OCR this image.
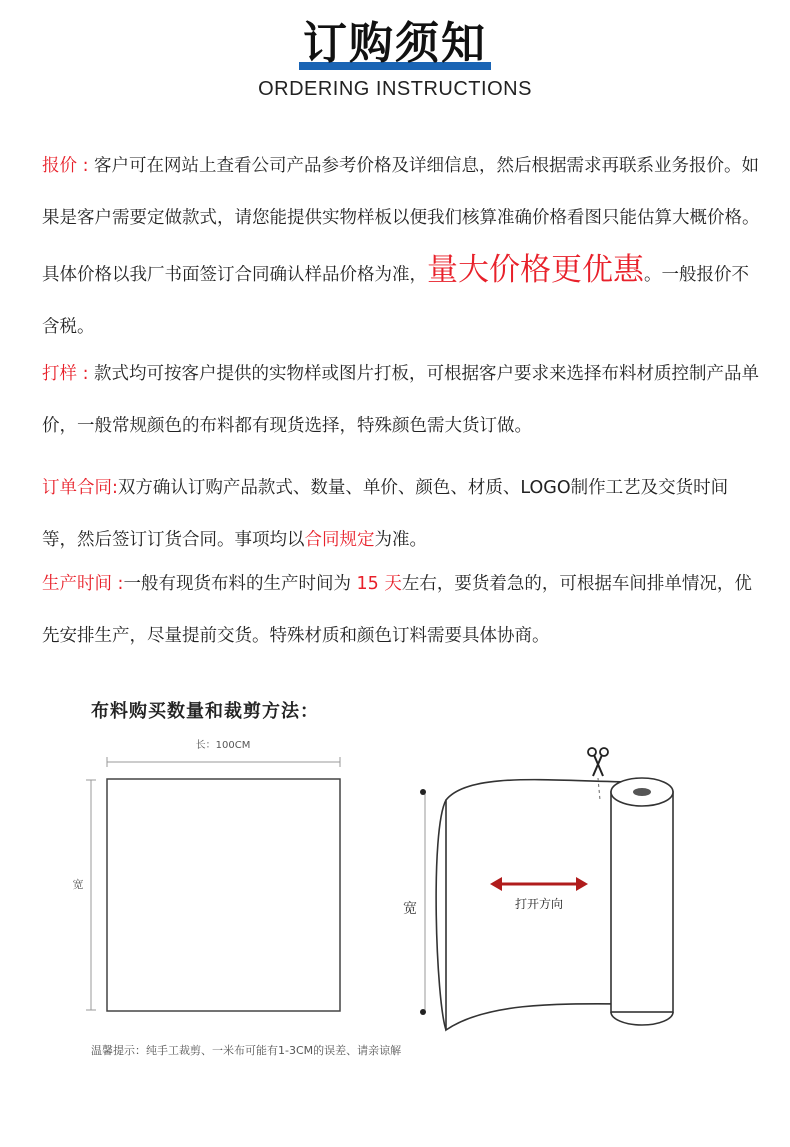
订购须知
ORDERING INSTRUCTIONS

报价 : 客户可在网站上查看公司产品参考价格及详细信息，然后根据需求再联系业务报价。如果是客户需要定做款式，请您能提供实物样板以便我们核算准确价格看图只能估算大概价格。具体价格以我厂书面签订合同确认样品价格为准，量大价格更优惠。一般报价不含税。

打样 : 款式均可按客户提供的实物样或图片打板，可根据客户要求来选择布料材质控制产品单价，一般常规颜色的布料都有现货选择，特殊颜色需大货订做。

订单合同:双方确认订购产品款式、数量、单价、颜色、材质、LOGO制作工艺及交货时间等，然后签订订货合同。事项均以合同规定为准。

生产时间 :一般有现货布料的生产时间为 15 天左右，要货着急的，可根据车间排单情况，优先安排生产，尽量提前交货。特殊材质和颜色订料需要具体协商。

布料购买数量和裁剪方法：
长：100CM
宽
宽	打开方向
温馨提示：纯手工裁剪、一米布可能有1-3CM的误差、请亲谅解
